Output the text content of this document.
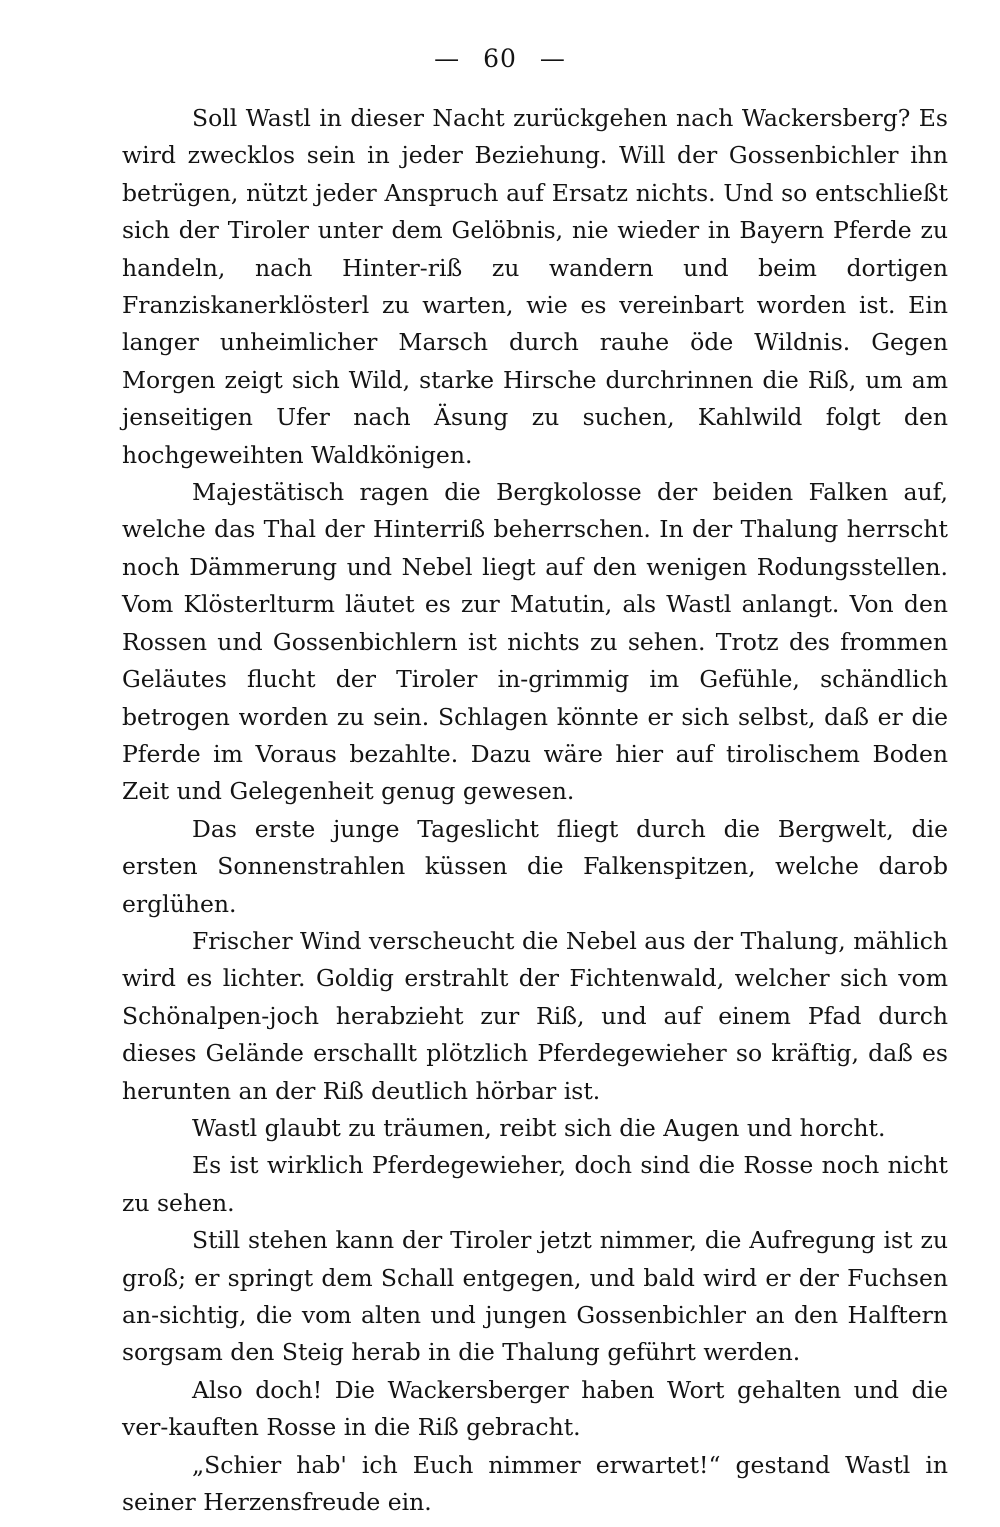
— 60 —

Soll Wastl in dieser Nacht zurückgehen nach Wackersberg? Es wird zwecklos sein in jeder Beziehung. Will der Gossenbichler ihn betrügen, nützt jeder Anspruch auf Ersatz nichts. Und so entschließt sich der Tiroler unter dem Gelöbnis, nie wieder in Bayern Pferde zu handeln, nach Hinter-riß zu wandern und beim dortigen Franziskanerklösterl zu warten, wie es vereinbart worden ist. Ein langer unheimlicher Marsch durch rauhe öde Wildnis. Gegen Morgen zeigt sich Wild, starke Hirsche durchrinnen die Riß, um am jenseitigen Ufer nach Äsung zu suchen, Kahlwild folgt den hochgeweihten Waldkönigen.

Majestätisch ragen die Bergkolosse der beiden Falken auf, welche das Thal der Hinterriß beherrschen. In der Thalung herrscht noch Dämmerung und Nebel liegt auf den wenigen Rodungsstellen. Vom Klösterlturm läutet es zur Matutin, als Wastl anlangt. Von den Rossen und Gossenbichlern ist nichts zu sehen. Trotz des frommen Geläutes flucht der Tiroler in-grimmig im Gefühle, schändlich betrogen worden zu sein. Schlagen könnte er sich selbst, daß er die Pferde im Voraus bezahlte. Dazu wäre hier auf tirolischem Boden Zeit und Gelegenheit genug gewesen.

Das erste junge Tageslicht fliegt durch die Bergwelt, die ersten Sonnenstrahlen küssen die Falkenspitzen, welche darob erglühen.

Frischer Wind verscheucht die Nebel aus der Thalung, mählich wird es lichter. Goldig erstrahlt der Fichtenwald, welcher sich vom Schönalpen-joch herabzieht zur Riß, und auf einem Pfad durch dieses Gelände erschallt plötzlich Pferdegewieher so kräftig, daß es herunten an der Riß deutlich hörbar ist.

Wastl glaubt zu träumen, reibt sich die Augen und horcht.

Es ist wirklich Pferdegewieher, doch sind die Rosse noch nicht zu sehen.

Still stehen kann der Tiroler jetzt nimmer, die Aufregung ist zu groß; er springt dem Schall entgegen, und bald wird er der Fuchsen an-sichtig, die vom alten und jungen Gossenbichler an den Halftern sorgsam den Steig herab in die Thalung geführt werden.

Also doch! Die Wackersberger haben Wort gehalten und die ver-kauften Rosse in die Riß gebracht.

„Schier hab' ich Euch nimmer erwartet!“ gestand Wastl in seiner Herzensfreude ein.
